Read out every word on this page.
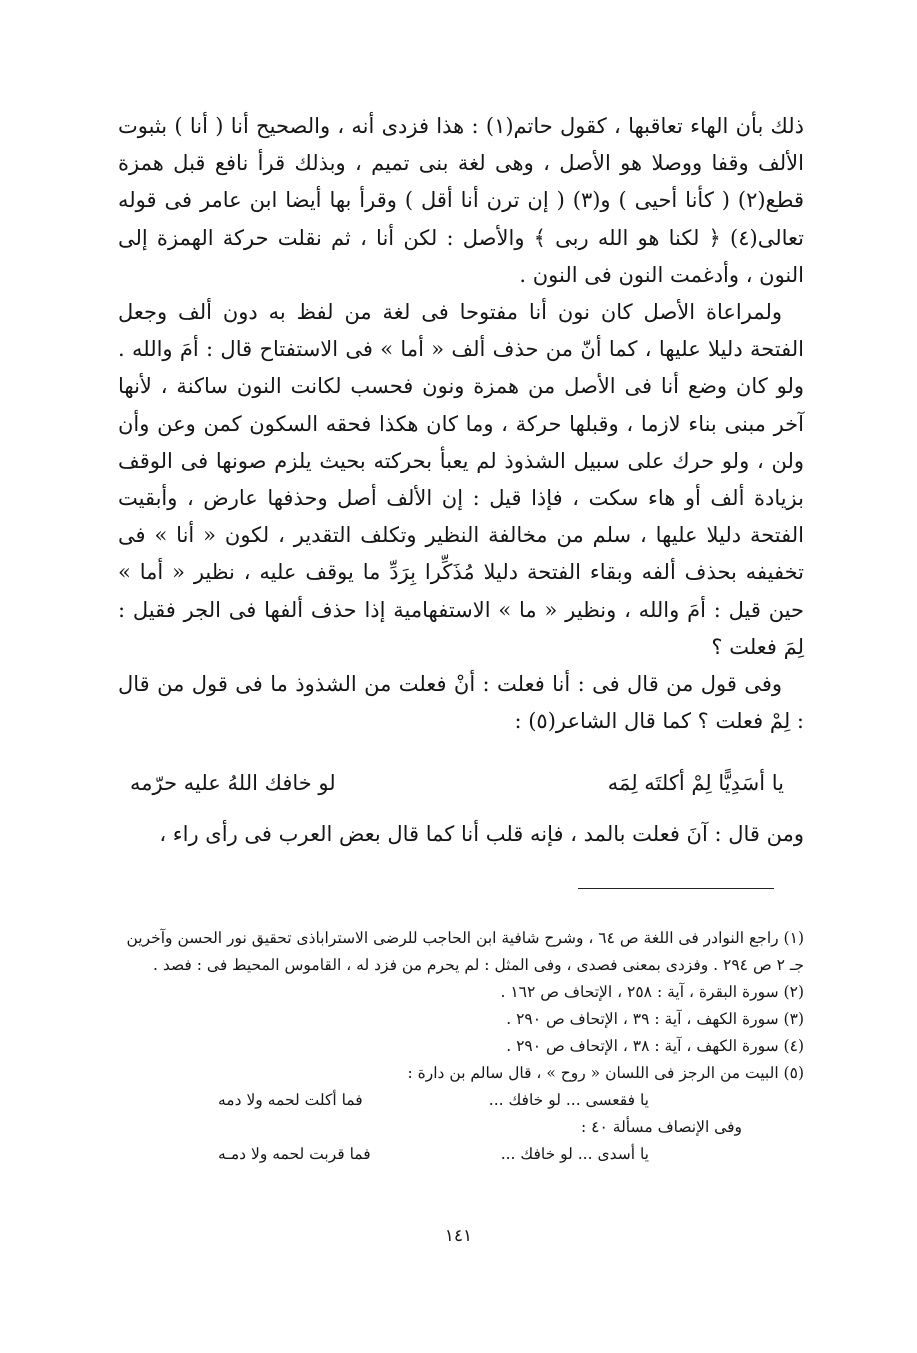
ذلك بأن الهاء تعاقبها ، كقول حاتم(١) : هذا فزدى أنه ، والصحيح أنا ( أنا ) بثبوت الألف وقفا ووصلا هو الأصل ، وهى لغة بنى تميم ، وبذلك قرأ نافع قبل همزة قطع(٢) ( كأنا أحيى ) و(٣) ( إن ترن أنا أقل ) وقرأ بها أيضا ابن عامر فى قوله تعالى(٤) ﴿ لكنا هو الله ربى ﴾ والأصل : لكن أنا ، ثم نقلت حركة الهمزة إلى النون ، وأدغمت النون فى النون .

ولمراعاة الأصل كان نون أنا مفتوحا فى لغة من لفظ به دون ألف وجعل الفتحة دليلا عليها ، كما أنّ من حذف ألف « أما » فى الاستفتاح قال : أمَ والله . ولو كان وضع أنا فى الأصل من همزة ونون فحسب لكانت النون ساكنة ، لأنها آخر مبنى بناء لازما ، وقبلها حركة ، وما كان هكذا فحقه السكون كمن وعن وأن ولن ، ولو حرك على سبيل الشذوذ لم يعبأ بحركته بحيث يلزم صونها فى الوقف بزيادة ألف أو هاء سكت ، فإذا قيل : إن الألف أصل وحذفها عارض ، وأبقيت الفتحة دليلا عليها ، سلم من مخالفة النظير وتكلف التقدير ، لكون « أنا » فى تخفيفه بحذف ألفه وبقاء الفتحة دليلا مُذَكِّرا بِرَدِّ ما يوقف عليه ، نظير « أما » حين قيل : أمَ والله ، ونظير « ما » الاستفهامية إذا حذف ألفها فى الجر فقيل : لِمَ فعلت ؟

وفى قول من قال فى : أنا فعلت : أنْ فعلت من الشذوذ ما فى قول من قال : لِمْ فعلت ؟ كما قال الشاعر(٥) :

يا أسَدِيًّا لِمْ أكلتَه لِمَه
لو خافك اللهُ عليه حرّمه
ومن قال : آنَ فعلت بالمد ، فإنه قلب أنا كما قال بعض العرب فى رأى راء ،

(١) راجع النوادر فى اللغة ص ٦٤ ، وشرح شافية ابن الحاجب للرضى الاستراباذى تحقيق نور الحسن وآخرين

جـ ٢ ص ٢٩٤ . وفزدى بمعنى فصدى ، وفى المثل : لم يحرم من فزد له ، القاموس المحيط فى : فصد .

(٢) سورة البقرة ، آية : ٢٥٨ ، الإتحاف ص ١٦٢ .

(٣) سورة الكهف ، آية : ٣٩ ، الإتحاف ص ٢٩٠ .

(٤) سورة الكهف ، آية : ٣٨ ، الإتحاف ص ٢٩٠ .

(٥) البيت من الرجز فى اللسان « روح » ، قال سالم بن دارة :

يا فقعسى ... لو خافك ...
فما أكلت لحمه ولا دمه

وفى الإنصاف مسألة ٤٠ :

يا أسدى ... لو خافك ...
فما قربت لحمه ولا دمـه
١٤١
